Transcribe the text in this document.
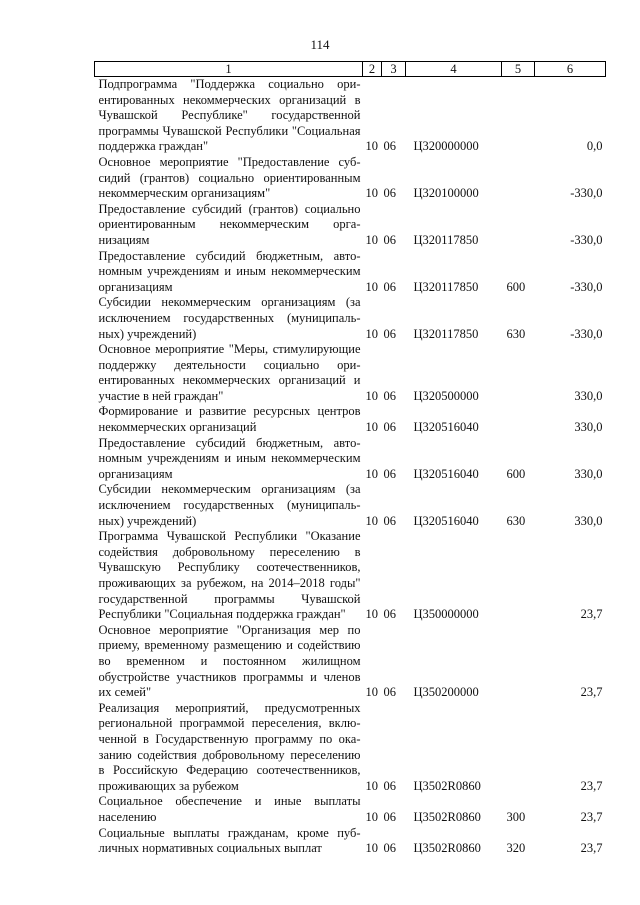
114
1	2	3	4	5	6
Подпрограмма "Поддержка социально ориентированных некоммерческих организаций в Чувашской Республике" государственной программы Чувашской Республики "Социальная поддержка граждан"	10	06	Ц320000000		0,0
Основное мероприятие "Предоставление субсидий (грантов) социально ориентированным некоммерческим организациям"	10	06	Ц320100000		-330,0
Предоставление субсидий (грантов) социально ориентированным некоммерческим организациям	10	06	Ц320117850		-330,0
Предоставление субсидий бюджетным, автономным учреждениям и иным некоммерческим организациям	10	06	Ц320117850	600	-330,0
Субсидии некоммерческим организациям (за исключением государственных (муниципальных) учреждений)	10	06	Ц320117850	630	-330,0
Основное мероприятие "Меры, стимулирующие поддержку деятельности социально ориентированных некоммерческих организаций и участие в ней граждан"	10	06	Ц320500000		330,0
Формирование и развитие ресурсных центров некоммерческих организаций	10	06	Ц320516040		330,0
Предоставление субсидий бюджетным, автономным учреждениям и иным некоммерческим организациям	10	06	Ц320516040	600	330,0
Субсидии некоммерческим организациям (за исключением государственных (муниципальных) учреждений)	10	06	Ц320516040	630	330,0
Программа Чувашской Республики "Оказание содействия добровольному переселению в Чувашскую Республику соотечественников, проживающих за рубежом, на 2014–2018 годы" государственной программы Чувашской Республики "Социальная поддержка граждан"	10	06	Ц350000000		23,7
Основное мероприятие "Организация мер по приему, временному размещению и содействию во временном и постоянном жилищном обустройстве участников программы и членов их семей"	10	06	Ц350200000		23,7
Реализация мероприятий, предусмотренных региональной программой переселения, включенной в Государственную программу по оказанию содействия добровольному переселению в Российскую Федерацию соотечественников, проживающих за рубежом	10	06	Ц3502R0860		23,7
Социальное обеспечение и иные выплаты населению	10	06	Ц3502R0860	300	23,7
Социальные выплаты гражданам, кроме публичных нормативных социальных выплат	10	06	Ц3502R0860	320	23,7
